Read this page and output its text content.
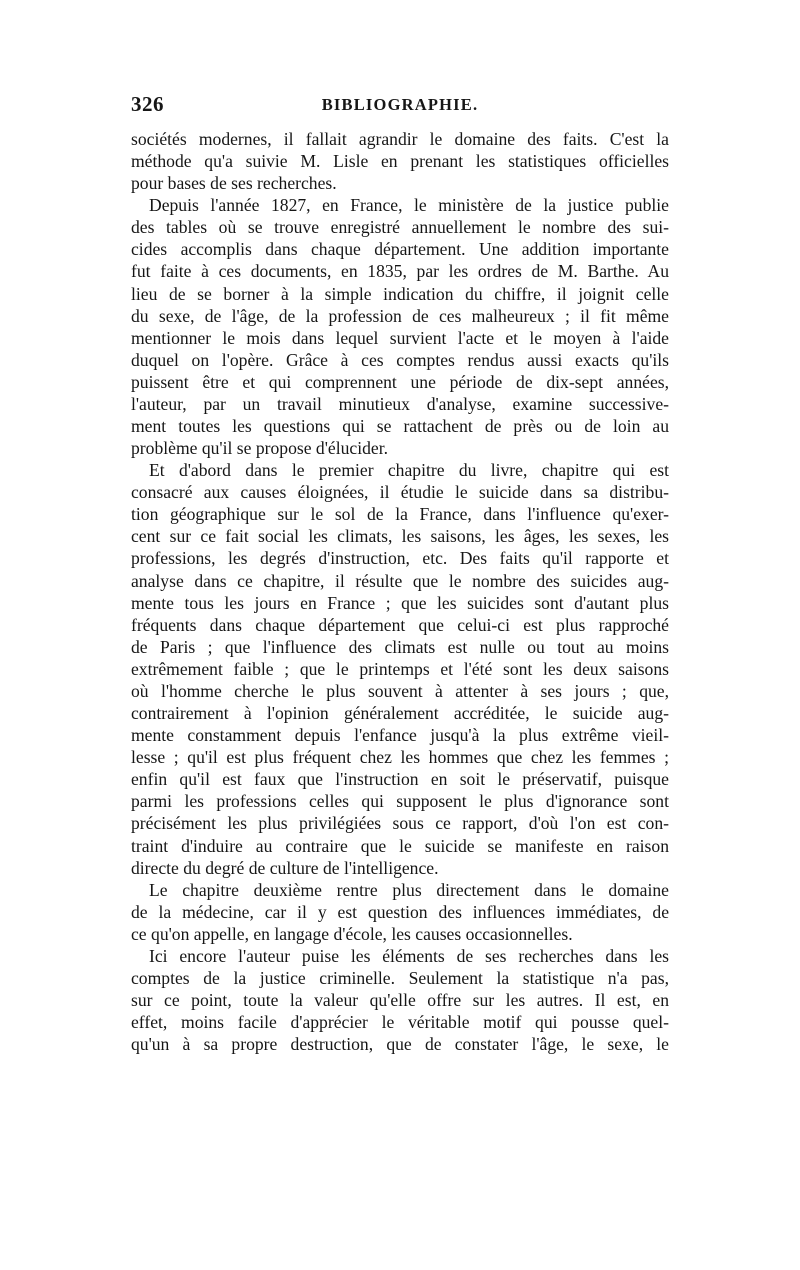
326	BIBLIOGRAPHIE.
sociétés modernes, il fallait agrandir le domaine des faits. C'est la
méthode qu'a suivie M. Lisle en prenant les statistiques officielles
pour bases de ses recherches.
Depuis l'année 1827, en France, le ministère de la justice publie
des tables où se trouve enregistré annuellement le nombre des sui-
cides accomplis dans chaque département. Une addition importante
fut faite à ces documents, en 1835, par les ordres de M. Barthe. Au
lieu de se borner à la simple indication du chiffre, il joignit celle
du sexe, de l'âge, de la profession de ces malheureux ; il fit même
mentionner le mois dans lequel survient l'acte et le moyen à l'aide
duquel on l'opère. Grâce à ces comptes rendus aussi exacts qu'ils
puissent être et qui comprennent une période de dix-sept années,
l'auteur, par un travail minutieux d'analyse, examine successive-
ment toutes les questions qui se rattachent de près ou de loin au
problème qu'il se propose d'élucider.
Et d'abord dans le premier chapitre du livre, chapitre qui est
consacré aux causes éloignées, il étudie le suicide dans sa distribu-
tion géographique sur le sol de la France, dans l'influence qu'exer-
cent sur ce fait social les climats, les saisons, les âges, les sexes, les
professions, les degrés d'instruction, etc. Des faits qu'il rapporte et
analyse dans ce chapitre, il résulte que le nombre des suicides aug-
mente tous les jours en France ; que les suicides sont d'autant plus
fréquents dans chaque département que celui-ci est plus rapproché
de Paris ; que l'influence des climats est nulle ou tout au moins
extrêmement faible ; que le printemps et l'été sont les deux saisons
où l'homme cherche le plus souvent à attenter à ses jours ; que,
contrairement à l'opinion généralement accréditée, le suicide aug-
mente constamment depuis l'enfance jusqu'à la plus extrême vieil-
lesse ; qu'il est plus fréquent chez les hommes que chez les femmes ;
enfin qu'il est faux que l'instruction en soit le préservatif, puisque
parmi les professions celles qui supposent le plus d'ignorance sont
précisément les plus privilégiées sous ce rapport, d'où l'on est con-
traint d'induire au contraire que le suicide se manifeste en raison
directe du degré de culture de l'intelligence.
Le chapitre deuxième rentre plus directement dans le domaine
de la médecine, car il y est question des influences immédiates, de
ce qu'on appelle, en langage d'école, les causes occasionnelles.
Ici encore l'auteur puise les éléments de ses recherches dans les
comptes de la justice criminelle. Seulement la statistique n'a pas,
sur ce point, toute la valeur qu'elle offre sur les autres. Il est, en
effet, moins facile d'apprécier le véritable motif qui pousse quel-
qu'un à sa propre destruction, que de constater l'âge, le sexe, le
